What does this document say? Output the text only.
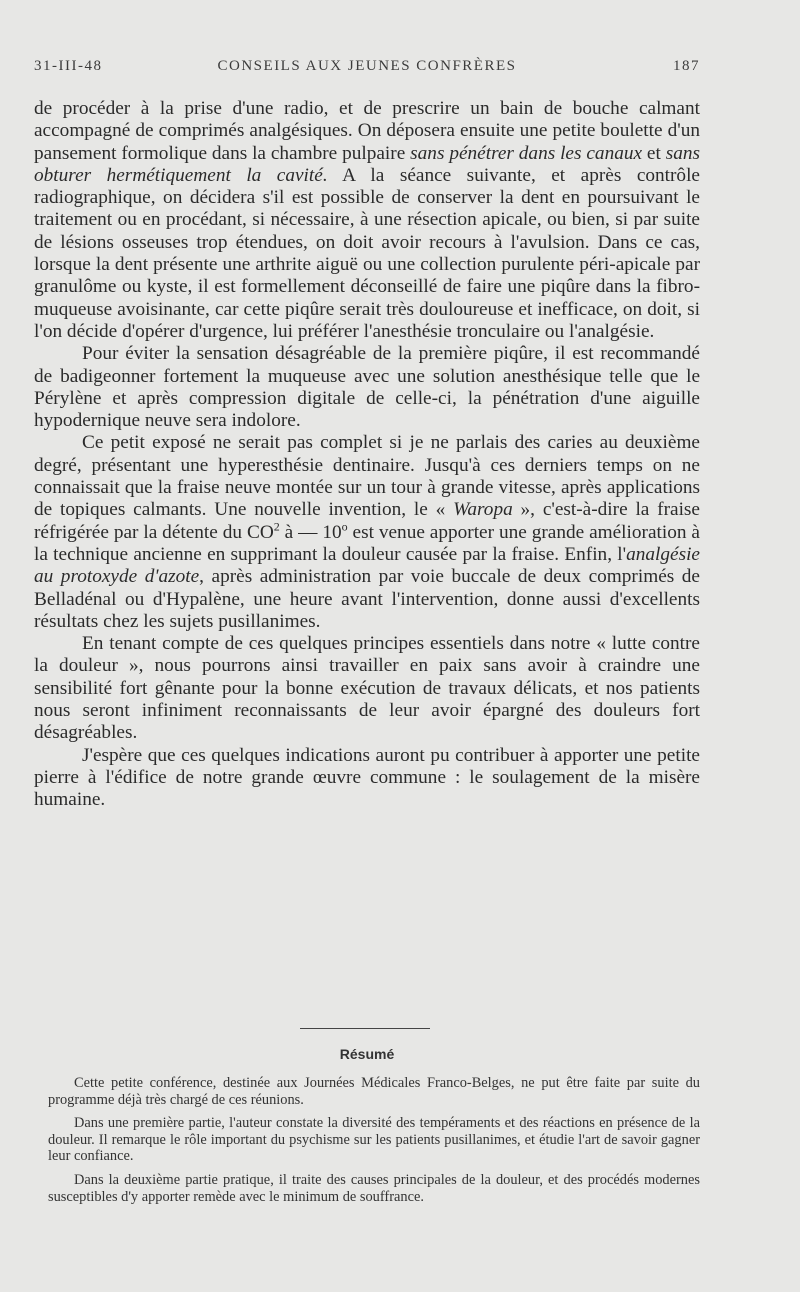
31-III-48	CONSEILS AUX JEUNES CONFRÈRES	187

de procéder à la prise d'une radio, et de prescrire un bain de bouche calmant accompagné de comprimés analgésiques. On déposera ensuite une petite boulette d'un pansement formolique dans la chambre pulpaire sans pénétrer dans les canaux et sans obturer hermétiquement la cavité. A la séance suivante, et après contrôle radiographique, on décidera s'il est possible de conserver la dent en poursuivant le traitement ou en procédant, si nécessaire, à une résection apicale, ou bien, si par suite de lésions osseuses trop étendues, on doit avoir recours à l'avulsion. Dans ce cas, lorsque la dent présente une arthrite aiguë ou une collection purulente péri-apicale par granulôme ou kyste, il est formellement déconseillé de faire une piqûre dans la fibro-muqueuse avoisinante, car cette piqûre serait très douloureuse et inefficace, on doit, si l'on décide d'opérer d'urgence, lui préférer l'anesthésie tronculaire ou l'analgésie.

Pour éviter la sensation désagréable de la première piqûre, il est recommandé de badigeonner fortement la muqueuse avec une solution anesthésique telle que le Pérylène et après compression digitale de celle-ci, la pénétration d'une aiguille hypodernique neuve sera indolore.

Ce petit exposé ne serait pas complet si je ne parlais des caries au deuxième degré, présentant une hyperesthésie dentinaire. Jusqu'à ces derniers temps on ne connaissait que la fraise neuve montée sur un tour à grande vitesse, après applications de topiques calmants. Une nouvelle invention, le « Waropa », c'est-à-dire la fraise réfrigérée par la détente du $CO^2$ à — 10$^o$ est venue apporter une grande amélioration à la technique ancienne en supprimant la douleur causée par la fraise. Enfin, l'analgésie au protoxyde d'azote, après administration par voie buccale de deux comprimés de Belladénal ou d'Hypalène, une heure avant l'intervention, donne aussi d'excellents résultats chez les sujets pusillanimes.

En tenant compte de ces quelques principes essentiels dans notre « lutte contre la douleur », nous pourrons ainsi travailler en paix sans avoir à craindre une sensibilité fort gênante pour la bonne exécution de travaux délicats, et nos patients nous seront infiniment reconnaissants de leur avoir épargné des douleurs fort désagréables.

J'espère que ces quelques indications auront pu contribuer à apporter une petite pierre à l'édifice de notre grande œuvre commune : le soulagement de la misère humaine.

Résumé

Cette petite conférence, destinée aux Journées Médicales Franco-Belges, ne put être faite par suite du programme déjà très chargé de ces réunions.

Dans une première partie, l'auteur constate la diversité des tempéraments et des réactions en présence de la douleur. Il remarque le rôle important du psychisme sur les patients pusillanimes, et étudie l'art de savoir gagner leur confiance.

Dans la deuxième partie pratique, il traite des causes principales de la douleur, et des procédés modernes susceptibles d'y apporter remède avec le minimum de souffrance.
